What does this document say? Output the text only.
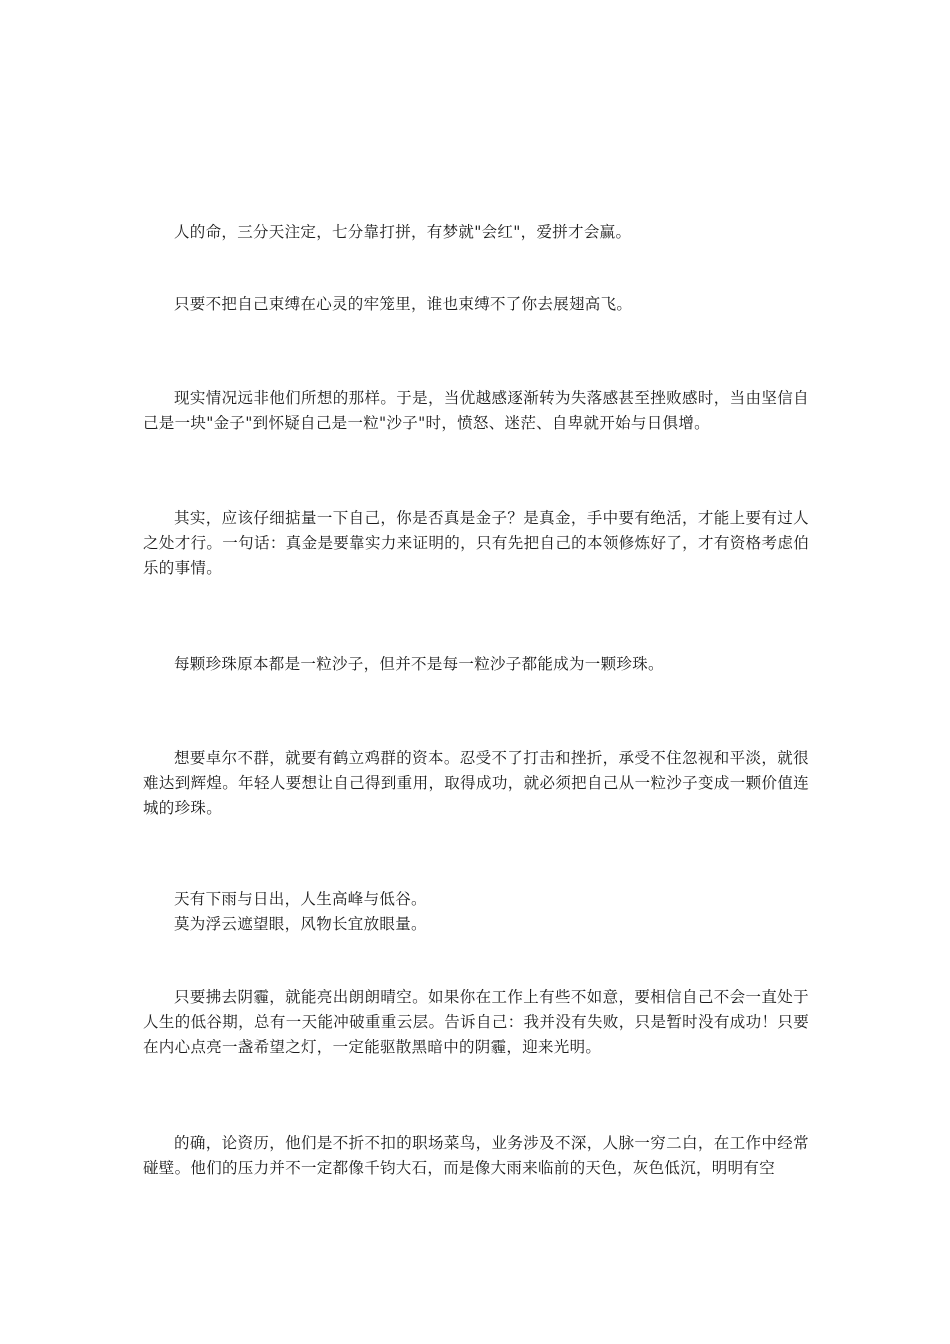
人的命，三分天注定，七分靠打拼，有梦就"会红"，爱拼才会赢。

只要不把自己束缚在心灵的牢笼里，谁也束缚不了你去展翅高飞。

现实情况远非他们所想的那样。于是，当优越感逐渐转为失落感甚至挫败感时，当由坚信自己是一块"金子"到怀疑自己是一粒"沙子"时，愤怒、迷茫、自卑就开始与日俱增。

其实，应该仔细掂量一下自己，你是否真是金子？是真金，手中要有绝活，才能上要有过人之处才行。一句话：真金是要靠实力来证明的，只有先把自己的本领修炼好了，才有资格考虑伯乐的事情。

每颗珍珠原本都是一粒沙子，但并不是每一粒沙子都能成为一颗珍珠。

想要卓尔不群，就要有鹤立鸡群的资本。忍受不了打击和挫折，承受不住忽视和平淡，就很难达到辉煌。年轻人要想让自己得到重用，取得成功，就必须把自己从一粒沙子变成一颗价值连城的珍珠。

天有下雨与日出，人生高峰与低谷。
莫为浮云遮望眼，风物长宜放眼量。

只要拂去阴霾，就能亮出朗朗晴空。如果你在工作上有些不如意，要相信自己不会一直处于人生的低谷期，总有一天能冲破重重云层。告诉自己：我并没有失败，只是暂时没有成功！只要在内心点亮一盏希望之灯，一定能驱散黑暗中的阴霾，迎来光明。

的确，论资历，他们是不折不扣的职场菜鸟，业务涉及不深，人脉一穷二白，在工作中经常碰壁。他们的压力并不一定都像千钧大石，而是像大雨来临前的天色，灰色低沉，明明有空
